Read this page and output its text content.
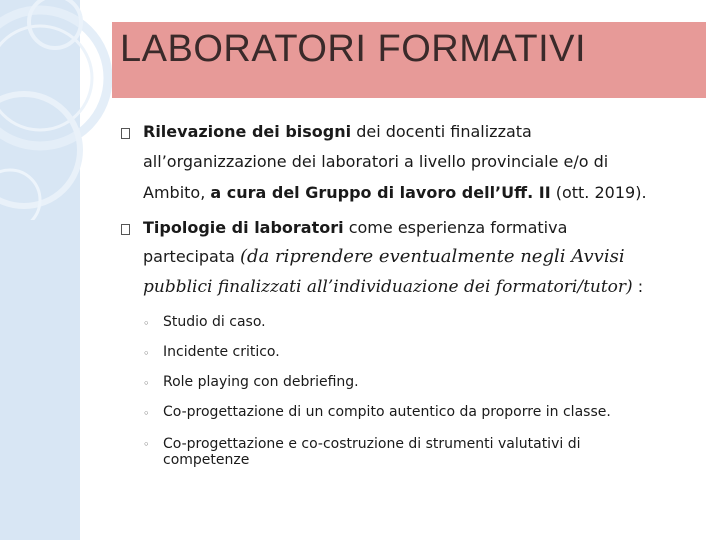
LABORATORI FORMATIVI
Rilevazione dei bisogni dei docenti finalizzata
all’organizzazione dei laboratori a livello provinciale e/o di
Ambito, a cura del Gruppo di lavoro dell’Uff. II (ott. 2019).
Tipologie di laboratori come esperienza formativa
partecipata (da riprendere eventualmente negli Avvisi
pubblici finalizzati all’individuazione dei formatori/tutor) :
◦ Studio di caso.
◦ Incidente critico.
◦ Role playing con debriefing.
◦ Co-progettazione di un compito autentico da proporre in classe.
◦ Co-progettazione e co-costruzione di strumenti valutativi di competenze
